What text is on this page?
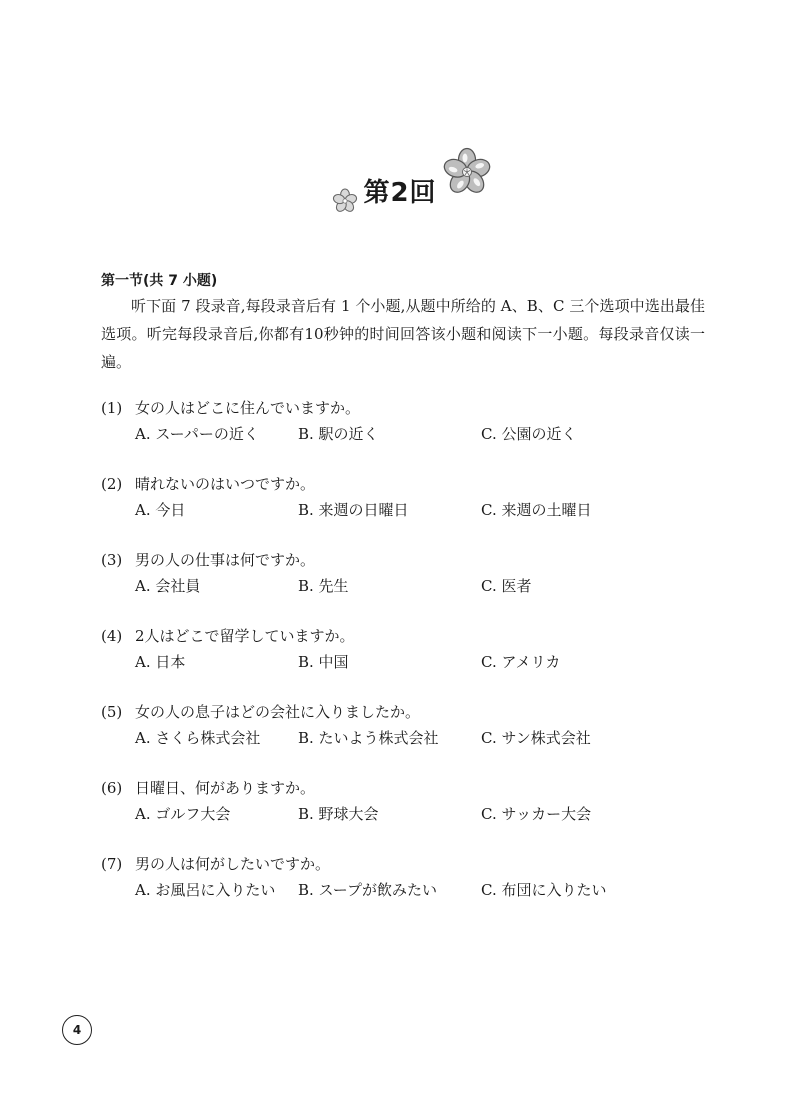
第2回
第一节(共 7 小题)
听下面 7 段录音,每段录音后有 1 个小题,从题中所给的 A、B、C 三个选项中选出最佳选项。听完每段录音后,你都有10秒钟的时间回答该小题和阅读下一小题。每段录音仅读一遍。
(1) 女の人はどこに住んでいますか。
A. スーパーの近く	B. 駅の近く	C. 公園の近く
(2) 晴れないのはいつですか。
A. 今日	B. 来週の日曜日	C. 来週の土曜日
(3) 男の人の仕事は何ですか。
A. 会社員	B. 先生	C. 医者
(4) 2人はどこで留学していますか。
A. 日本	B. 中国	C. アメリカ
(5) 女の人の息子はどの会社に入りましたか。
A. さくら株式会社	B. たいよう株式会社	C. サン株式会社
(6) 日曜日、何がありますか。
A. ゴルフ大会	B. 野球大会	C. サッカー大会
(7) 男の人は何がしたいですか。
A. お風呂に入りたい B. スープが飲みたい	C. 布団に入りたい
4
